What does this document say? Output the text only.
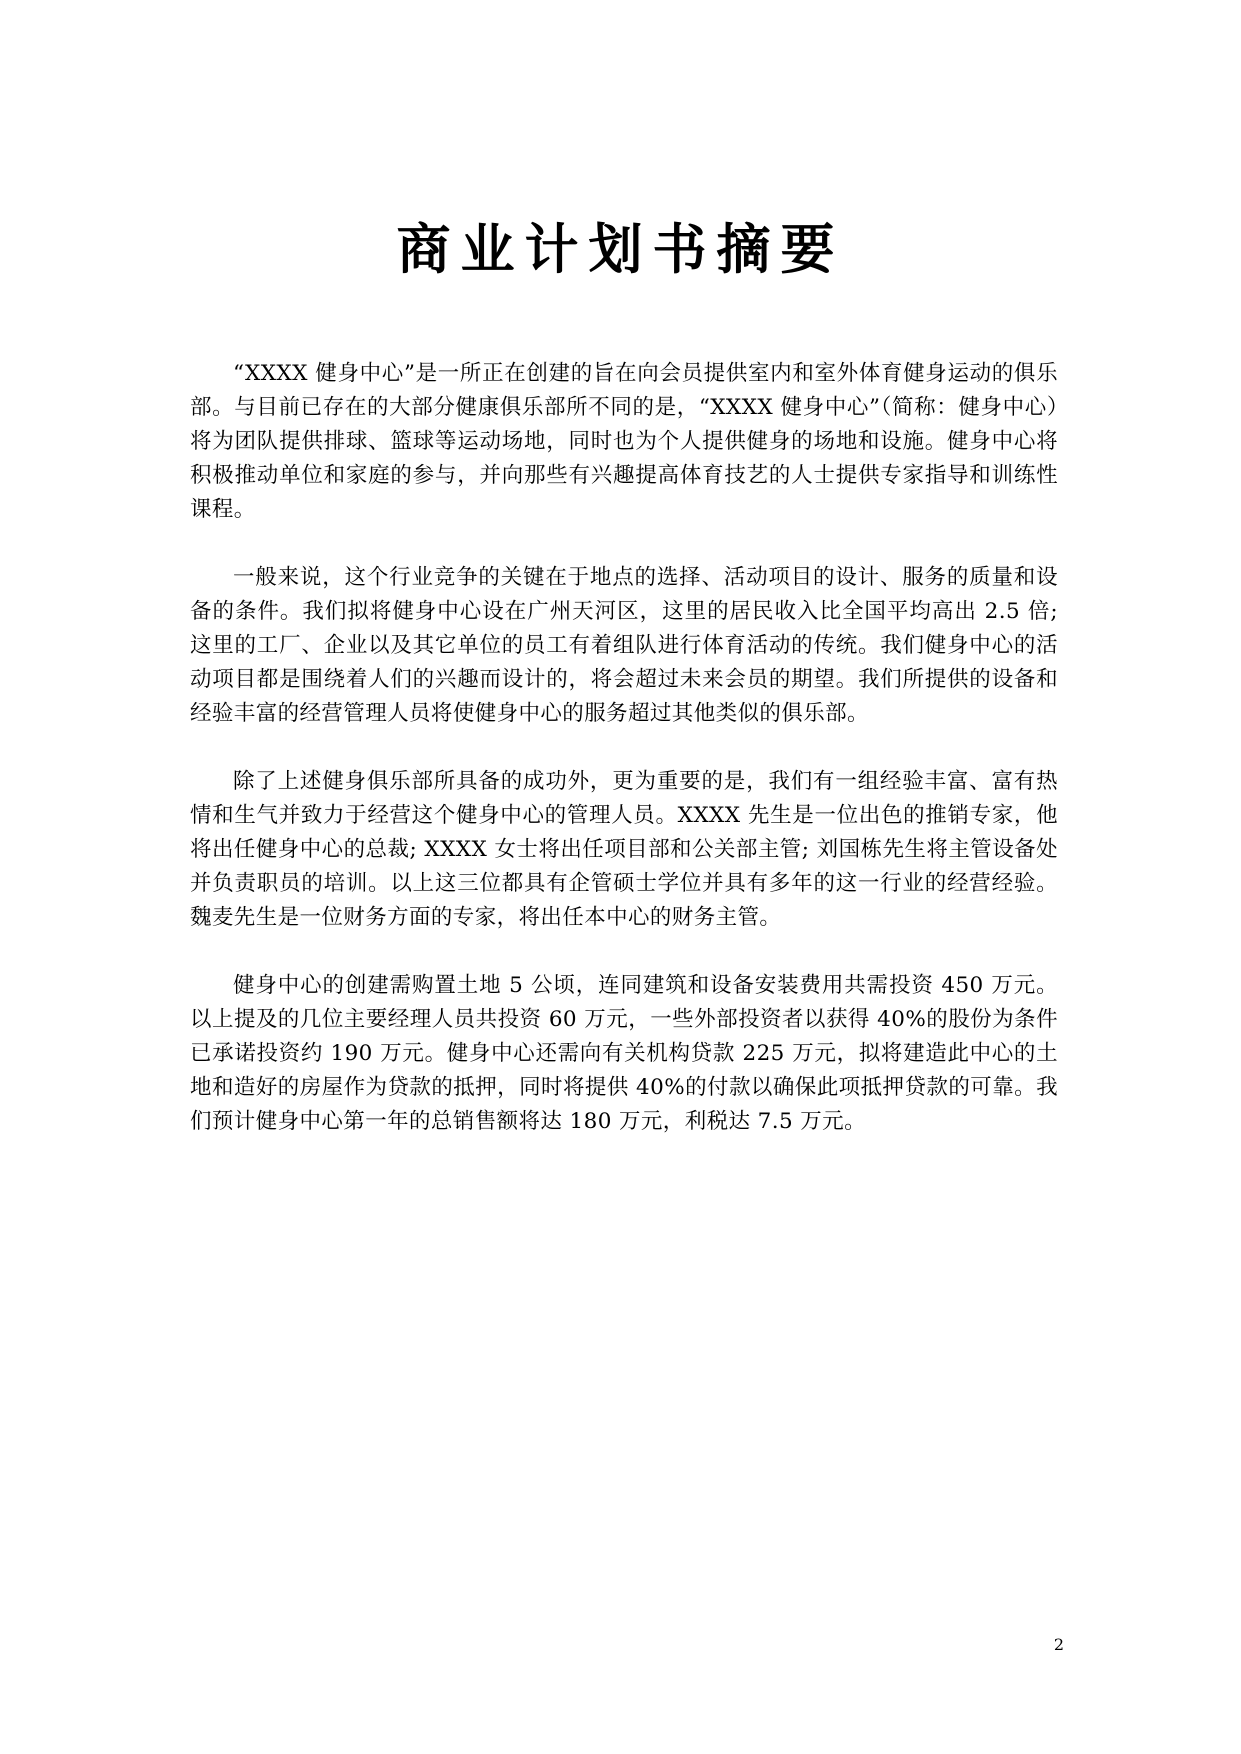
商业计划书摘要

“XXXX 健身中心”是一所正在创建的旨在向会员提供室内和室外体育健身运动的俱乐部。与目前已存在的大部分健康俱乐部所不同的是，“XXXX 健身中心”（简称：健身中心）将为团队提供排球、篮球等运动场地，同时也为个人提供健身的场地和设施。健身中心将积极推动单位和家庭的参与，并向那些有兴趣提高体育技艺的人士提供专家指导和训练性课程。

一般来说，这个行业竞争的关键在于地点的选择、活动项目的设计、服务的质量和设备的条件。我们拟将健身中心设在广州天河区，这里的居民收入比全国平均高出 2.5 倍; 这里的工厂、企业以及其它单位的员工有着组队进行体育活动的传统。我们健身中心的活动项目都是围绕着人们的兴趣而设计的，将会超过未来会员的期望。我们所提供的设备和经验丰富的经营管理人员将使健身中心的服务超过其他类似的俱乐部。

除了上述健身俱乐部所具备的成功外，更为重要的是，我们有一组经验丰富、富有热情和生气并致力于经营这个健身中心的管理人员。XXXX 先生是一位出色的推销专家，他将出任健身中心的总裁; XXXX 女士将出任项目部和公关部主管; 刘国栋先生将主管设备处并负责职员的培训。以上这三位都具有企管硕士学位并具有多年的这一行业的经营经验。魏麦先生是一位财务方面的专家，将出任本中心的财务主管。

健身中心的创建需购置土地 5 公顷，连同建筑和设备安装费用共需投资 450 万元。以上提及的几位主要经理人员共投资 60 万元，一些外部投资者以获得 40%的股份为条件已承诺投资约 190 万元。健身中心还需向有关机构贷款 225 万元，拟将建造此中心的土地和造好的房屋作为贷款的抵押，同时将提供 40%的付款以确保此项抵押贷款的可靠。我们预计健身中心第一年的总销售额将达 180 万元，利税达 7.5 万元。

2
